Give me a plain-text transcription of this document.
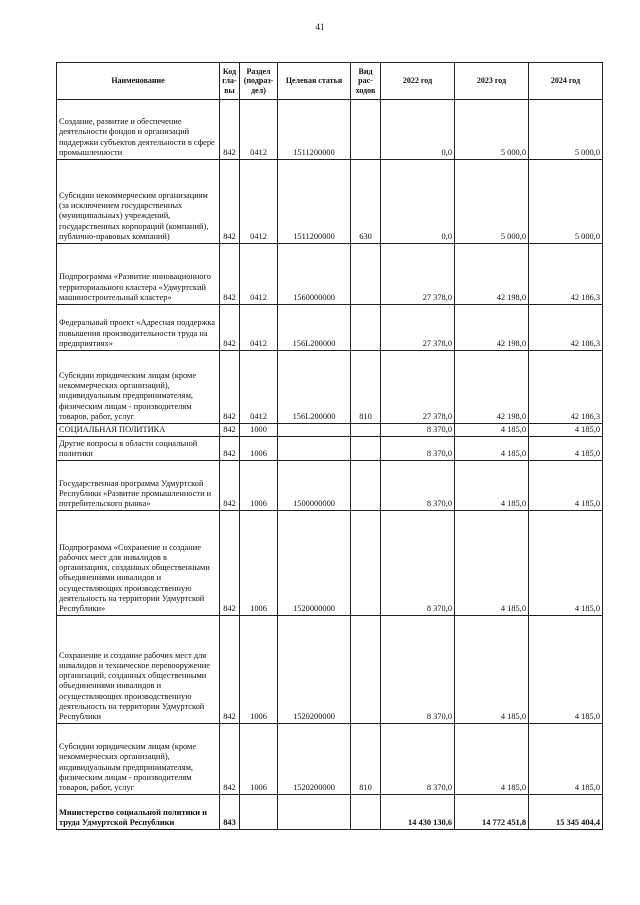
41
Наименование	Код гла- вы	Раздел (подраз- дел)	Целевая статья	Вид рас- ходов	2022 год	2023 год	2024 год
Создание, развитие и обеспечение деятельности фондов и организаций поддержки субъектов деятельности в сфере промышленности	842	0412	1511200000		0,0	5 000,0	5 000,0
Субсидии некоммерческим организациям (за исключением государственных (муниципальных) учреждений, государственных корпораций (компаний), публично-правовых компаний)	842	0412	1511200000	630	0,0	5 000,0	5 000,0
Подпрограмма «Развитие инновационного территориального кластера «Удмуртский машиностроительный кластер»	842	0412	1560000000		27 378,0	42 198,0	42 186,3
Федеральный проект «Адресная поддержка повышения производительности труда на предприятиях»	842	0412	156L200000		27 378,0	42 198,0	42 186,3
Субсидии юридическим лицам (кроме некоммерческих организаций), индивидуальным предпринимателям, физическим лицам - производителям товаров, работ, услуг	842	0412	156L200000	810	27 378,0	42 198,0	42 186,3
СОЦИАЛЬНАЯ ПОЛИТИКА	842	1000			8 370,0	4 185,0	4 185,0
Другие вопросы в области социальной политики	842	1006			8 370,0	4 185,0	4 185,0
Государственная программа Удмуртской Республики «Развитие промышленности и потребительского рынка»	842	1006	1500000000		8 370,0	4 185,0	4 185,0
Подпрограмма «Сохранение и создание рабочих мест для инвалидов в организациях, созданных общественными объединениями инвалидов и осуществляющих производственную деятельность на территории Удмуртской Республики»	842	1006	1520000000		8 370,0	4 185,0	4 185,0
Сохранение и создание рабочих мест для инвалидов и техническое перевооружение организаций, созданных общественными объединениями инвалидов и осуществляющих производственную деятельность на территории Удмуртской Республики	842	1006	1520200000		8 370,0	4 185,0	4 185,0
Субсидии юридическим лицам (кроме некоммерческих организаций), индивидуальным предпринимателям, физическим лицам - производителям товаров, работ, услуг	842	1006	1520200000	810	8 370,0	4 185,0	4 185,0
Министерство социальной политики и труда Удмуртской Республики	843				14 430 130,6	14 772 451,8	15 345 404,4
